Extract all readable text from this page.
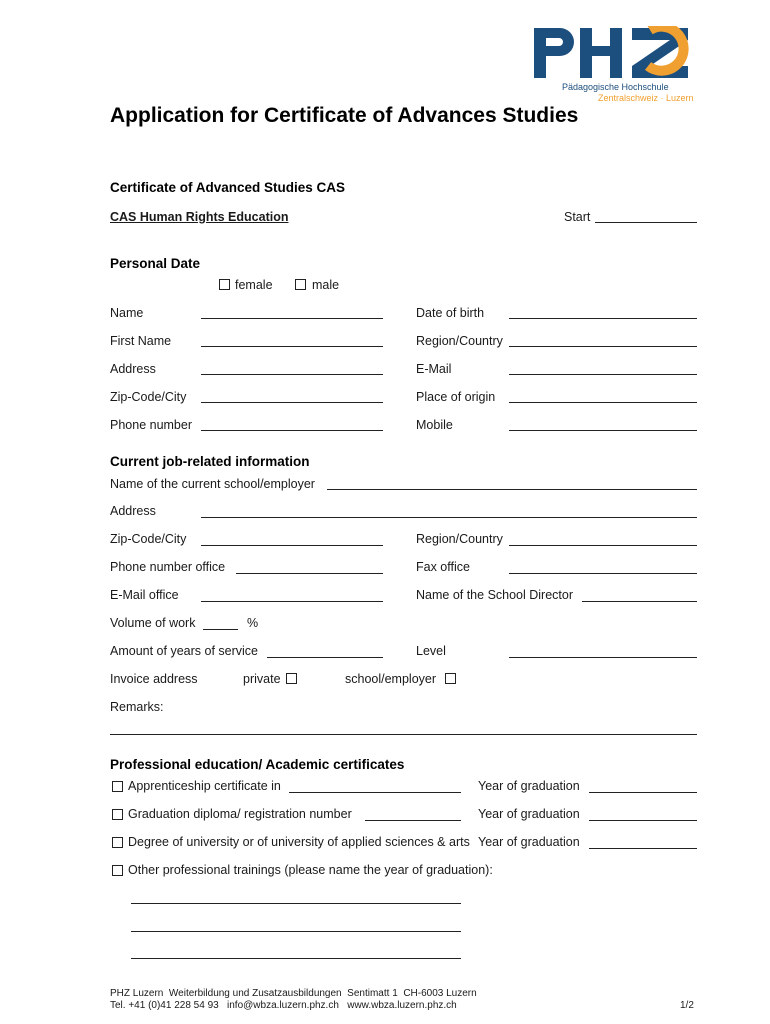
Pädagogische Hochschule
Zentralschweiz · Luzern
Application for Certificate of Advances Studies
Certificate of Advanced Studies CAS
CAS Human Rights Education	Start
Personal Date
female	male
Name	Date of birth
First Name	Region/Country
Address	E-Mail
Zip-Code/City	Place of origin
Phone number	Mobile
Current job-related information
Name of the current school/employer
Address
Zip-Code/City	Region/Country
Phone number office	Fax office
E-Mail office	Name of the School Director
Volume of work	%
Amount of years of service	Level
Invoice address	private	school/employer
Remarks:
Professional education/ Academic certificates
Apprenticeship certificate in	Year of graduation
Graduation diploma/ registration number	Year of graduation
Degree of university or of university of applied sciences & arts Year of graduation
Other professional trainings (please name the year of graduation):
PHZ Luzern  Weiterbildung und Zusatzausbildungen  Sentimatt 1  CH-6003 Luzern
Tel. +41 (0)41 228 54 93   info@wbza.luzern.phz.ch   www.wbza.luzern.phz.ch	1/2
